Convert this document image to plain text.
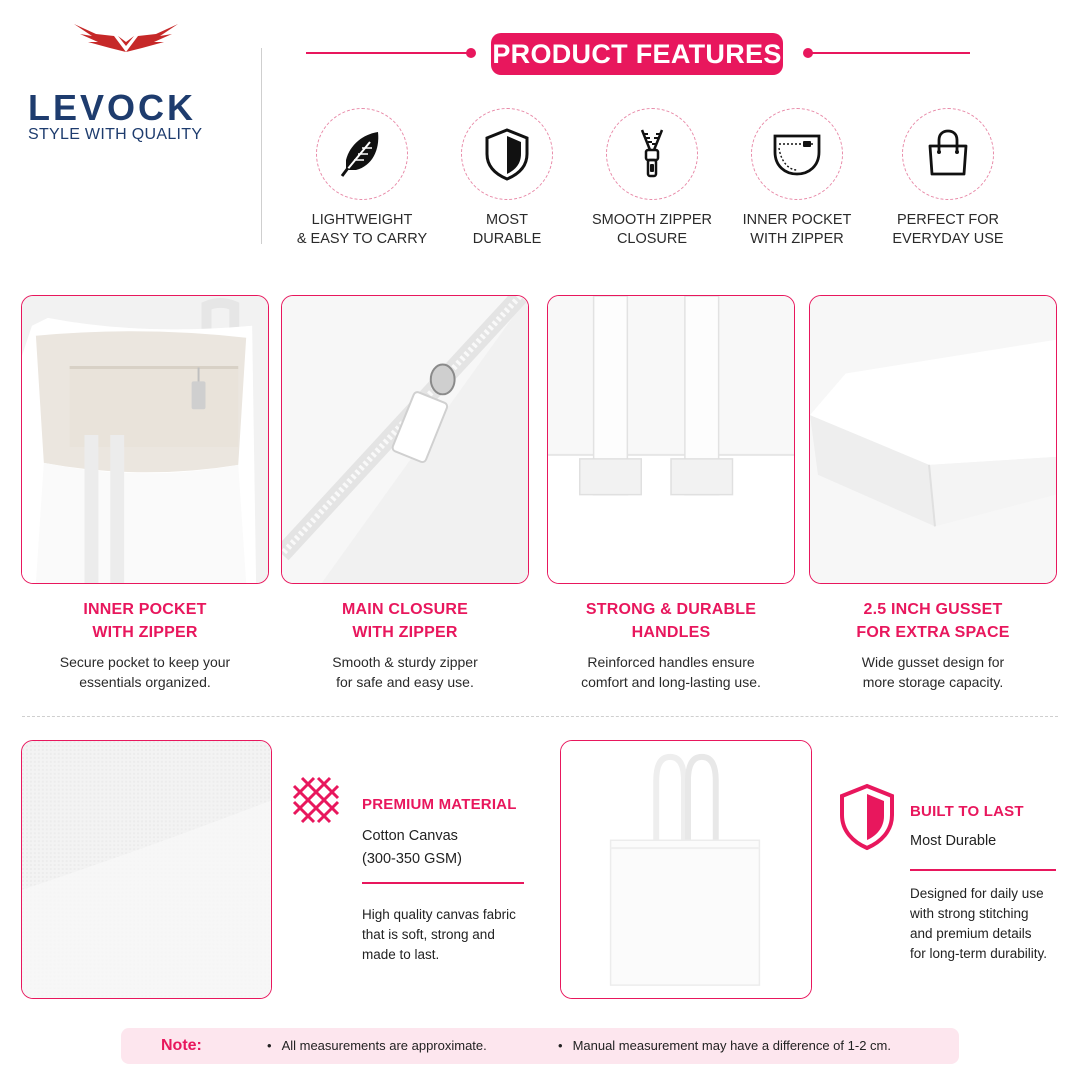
LEVOCK
STYLE WITH QUALITY
PRODUCT FEATURES
LIGHTWEIGHT
& EASY TO CARRY
MOST
DURABLE
SMOOTH ZIPPER
CLOSURE
INNER POCKET
WITH ZIPPER
PERFECT FOR
EVERYDAY USE
INNER POCKET
WITH ZIPPER
Secure pocket to keep your
essentials organized.
MAIN CLOSURE
WITH ZIPPER
Smooth & sturdy zipper
for safe and easy use.
STRONG & DURABLE
HANDLES
Reinforced handles ensure
comfort and long-lasting use.
2.5 INCH GUSSET
FOR EXTRA SPACE
Wide gusset design for
more storage capacity.
PREMIUM MATERIAL
Cotton Canvas
(300-350 GSM)
High quality canvas fabric
that is soft, strong and
made to last.
BUILT TO LAST
Most Durable
Designed for daily use
with strong stitching
and premium details
for long-term durability.
Note:	• All measurements are approximate.	• Manual measurement may have a difference of 1-2 cm.
